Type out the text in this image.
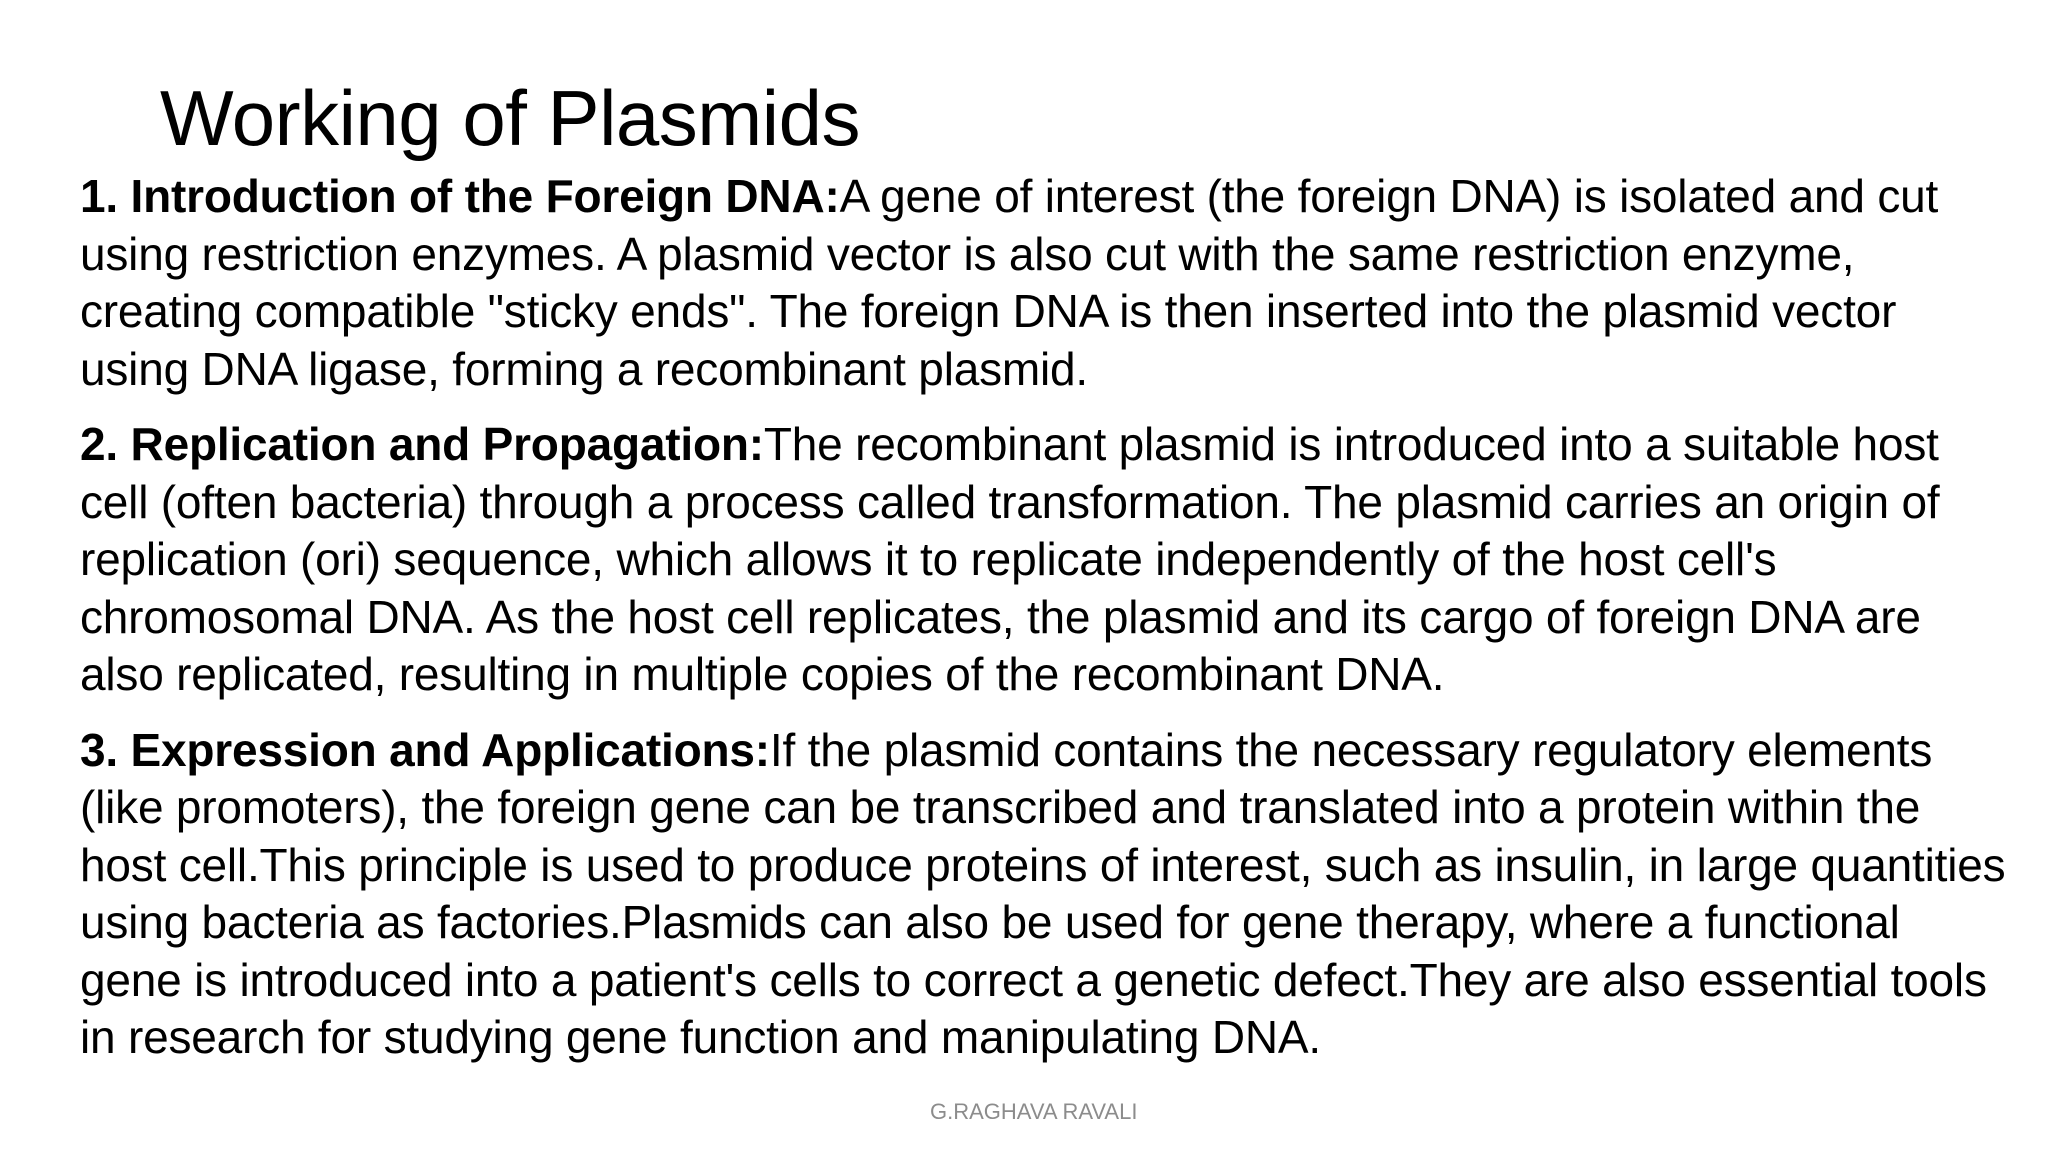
Working of Plasmids

1. Introduction of the Foreign DNA:A gene of interest (the foreign DNA) is isolated and cut using restriction enzymes. A plasmid vector is also cut with the same restriction enzyme, creating compatible "sticky ends". The foreign DNA is then inserted into the plasmid vector using DNA ligase, forming a recombinant plasmid.

2. Replication and Propagation:The recombinant plasmid is introduced into a suitable host cell (often bacteria) through a process called transformation. The plasmid carries an origin of replication (ori) sequence, which allows it to replicate independently of the host cell's chromosomal DNA. As the host cell replicates, the plasmid and its cargo of foreign DNA are also replicated, resulting in multiple copies of the recombinant DNA.

3. Expression and Applications:If the plasmid contains the necessary regulatory elements (like promoters), the foreign gene can be transcribed and translated into a protein within the host cell.This principle is used to produce proteins of interest, such as insulin, in large quantities using bacteria as factories.Plasmids can also be used for gene therapy, where a functional gene is introduced into a patient's cells to correct a genetic defect.They are also essential tools in research for studying gene function and manipulating DNA.

G.RAGHAVA RAVALI
